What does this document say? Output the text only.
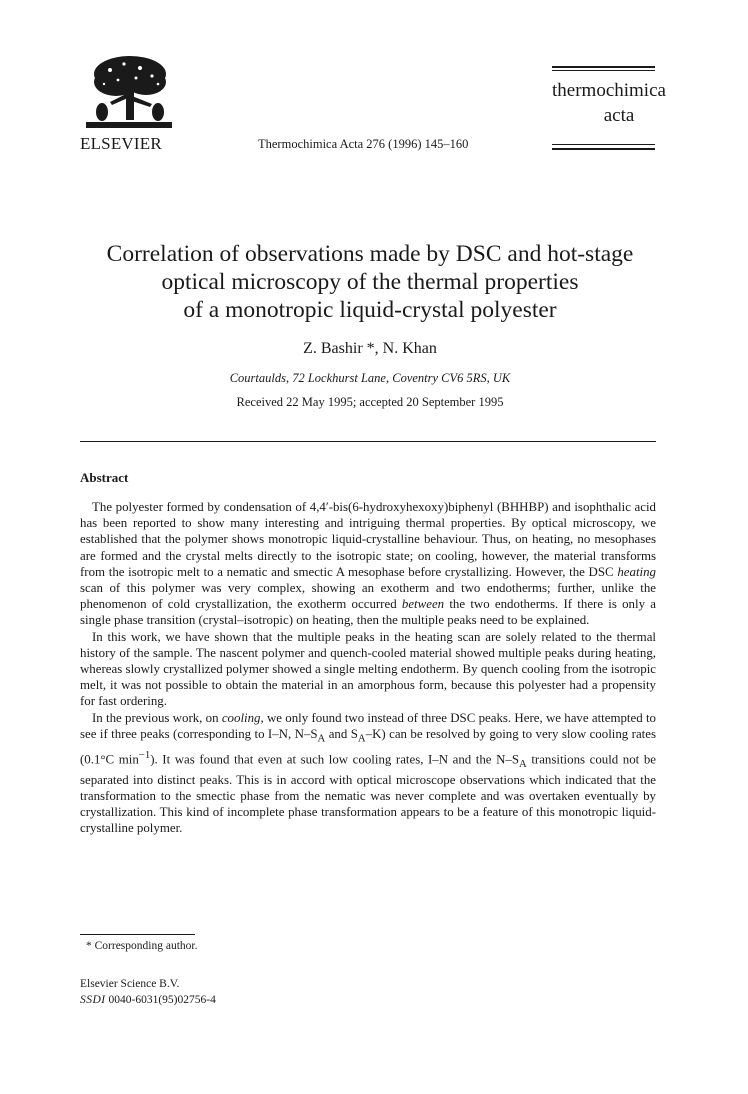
ELSEVIER	Thermochimica Acta 276 (1996) 145–160
thermochimica
acta
Correlation of observations made by DSC and hot-stage
optical microscopy of the thermal properties
of a monotropic liquid-crystal polyester
Z. Bashir *, N. Khan
Courtaulds, 72 Lockhurst Lane, Coventry CV6 5RS, UK
Received 22 May 1995; accepted 20 September 1995
Abstract

The polyester formed by condensation of 4,4′-bis(6-hydroxyhexoxy)biphenyl (BHHBP) and isophthalic acid has been reported to show many interesting and intriguing thermal properties. By optical microscopy, we established that the polymer shows monotropic liquid-crystalline behaviour. Thus, on heating, no mesophases are formed and the crystal melts directly to the isotropic state; on cooling, however, the material transforms from the isotropic melt to a nematic and smectic A mesophase before crystallizing. However, the DSC heating scan of this polymer was very complex, showing an exotherm and two endotherms; further, unlike the phenomenon of cold crystallization, the exotherm occurred between the two endotherms. If there is only a single phase transition (crystal–isotropic) on heating, then the multiple peaks need to be explained.

In this work, we have shown that the multiple peaks in the heating scan are solely related to the thermal history of the sample. The nascent polymer and quench-cooled material showed multiple peaks during heating, whereas slowly crystallized polymer showed a single melting endotherm. By quench cooling from the isotropic melt, it was not possible to obtain the material in an amorphous form, because this polyester had a propensity for fast ordering.

In the previous work, on cooling, we only found two instead of three DSC peaks. Here, we have attempted to see if three peaks (corresponding to I–N, $N-S_A$ and $S_A-K$) can be resolved by going to very slow cooling rates (0.1°C $\min^{-1}$). It was found that even at such low cooling rates, I–N and the $N-S_A$ transitions could not be separated into distinct peaks. This is in accord with optical microscope observations which indicated that the transformation to the smectic phase from the nematic was never complete and was overtaken eventually by crystallization. This kind of incomplete phase transformation appears to be a feature of this monotropic liquid-crystalline polymer.

* Corresponding author.
Elsevier Science B.V.
SSDI 0040-6031(95)02756-4
